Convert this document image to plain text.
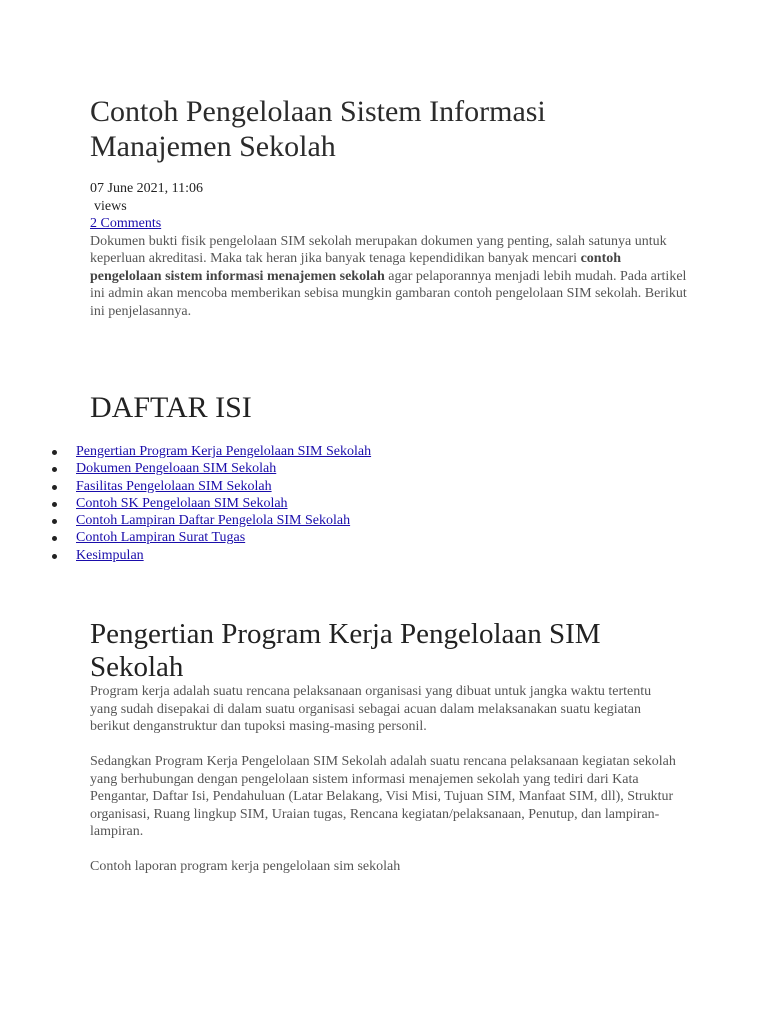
Contoh Pengelolaan Sistem Informasi Manajemen Sekolah
07 June 2021, 11:06
views
2 Comments

Dokumen bukti fisik pengelolaan SIM sekolah merupakan dokumen yang penting, salah satunya untuk keperluan akreditasi. Maka tak heran jika banyak tenaga kependidikan banyak mencari contoh pengelolaan sistem informasi menajemen sekolah agar pelaporannya menjadi lebih mudah. Pada artikel ini admin akan mencoba memberikan sebisa mungkin gambaran contoh pengelolaan SIM sekolah. Berikut ini penjelasannya.

DAFTAR ISI
Pengertian Program Kerja Pengelolaan SIM Sekolah

Program kerja adalah suatu rencana pelaksanaan organisasi yang dibuat untuk jangka waktu tertentu yang sudah disepakai di dalam suatu organisasi sebagai acuan dalam melaksanakan suatu kegiatan berikut denganstruktur dan tupoksi masing-masing personil.

Sedangkan Program Kerja Pengelolaan SIM Sekolah adalah suatu rencana pelaksanaan kegiatan sekolah yang berhubungan dengan pengelolaan sistem informasi menajemen sekolah yang tediri dari Kata Pengantar, Daftar Isi, Pendahuluan (Latar Belakang, Visi Misi, Tujuan SIM, Manfaat SIM, dll), Struktur organisasi, Ruang lingkup SIM, Uraian tugas, Rencana kegiatan/pelaksanaan, Penutup, dan lampiran-lampiran.

Contoh laporan program kerja pengelolaan sim sekolah

Pengertian Program Kerja Pengelolaan SIM Sekolah
Dokumen Pengeloaan SIM Sekolah
Fasilitas Pengelolaan SIM Sekolah
Contoh SK Pengelolaan SIM Sekolah
Contoh Lampiran Daftar Pengelola SIM Sekolah
Contoh Lampiran Surat Tugas
Kesimpulan
